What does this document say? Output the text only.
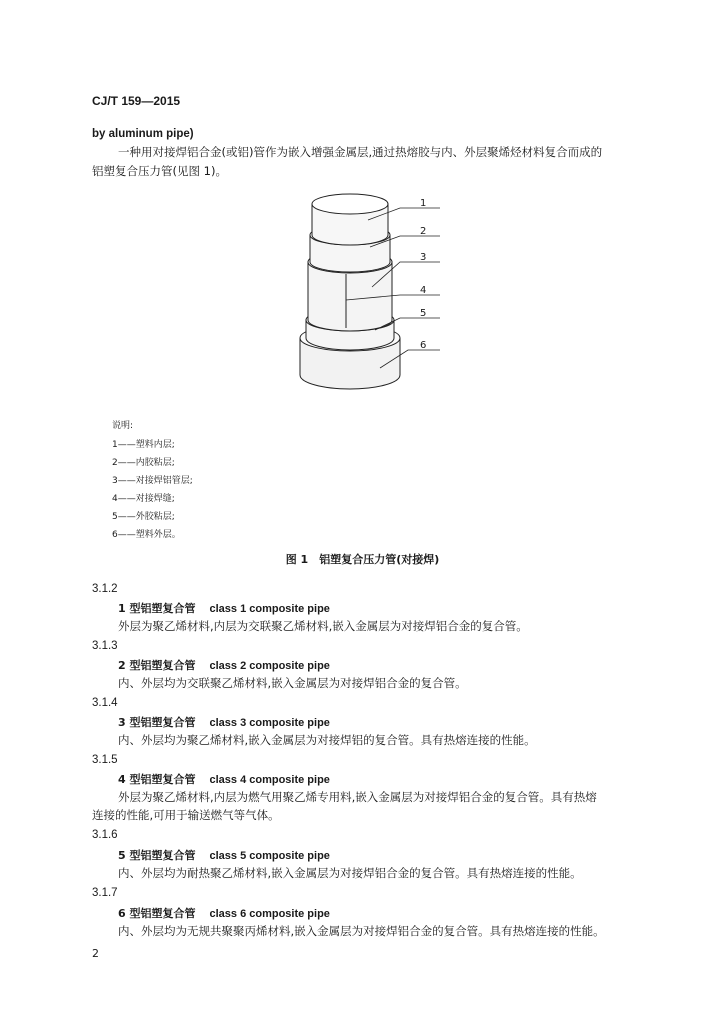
CJ/T 159—2015
by aluminum pipe)
一种用对接焊铝合金(或铝)管作为嵌入增强金属层,通过热熔胶与内、外层聚烯烃材料复合而成的
铝塑复合压力管(见图 1)。
1
2
3
4
5
6
说明:
1——塑料内层;
2——内胶粘层;
3——对接焊铝管层;
4——对接焊缝;
5——外胶粘层;
6——塑料外层。
图 1　铝塑复合压力管(对接焊)
3.1.2
1 型铝塑复合管 class 1 composite pipe
外层为聚乙烯材料,内层为交联聚乙烯材料,嵌入金属层为对接焊铝合金的复合管。
3.1.3
2 型铝塑复合管 class 2 composite pipe
内、外层均为交联聚乙烯材料,嵌入金属层为对接焊铝合金的复合管。
3.1.4
3 型铝塑复合管 class 3 composite pipe
内、外层均为聚乙烯材料,嵌入金属层为对接焊铝的复合管。具有热熔连接的性能。
3.1.5
4 型铝塑复合管 class 4 composite pipe
外层为聚乙烯材料,内层为燃气用聚乙烯专用料,嵌入金属层为对接焊铝合金的复合管。具有热熔
连接的性能,可用于输送燃气等气体。
3.1.6
5 型铝塑复合管 class 5 composite pipe
内、外层均为耐热聚乙烯材料,嵌入金属层为对接焊铝合金的复合管。具有热熔连接的性能。
3.1.7
6 型铝塑复合管 class 6 composite pipe
内、外层均为无规共聚聚丙烯材料,嵌入金属层为对接焊铝合金的复合管。具有热熔连接的性能。
2
